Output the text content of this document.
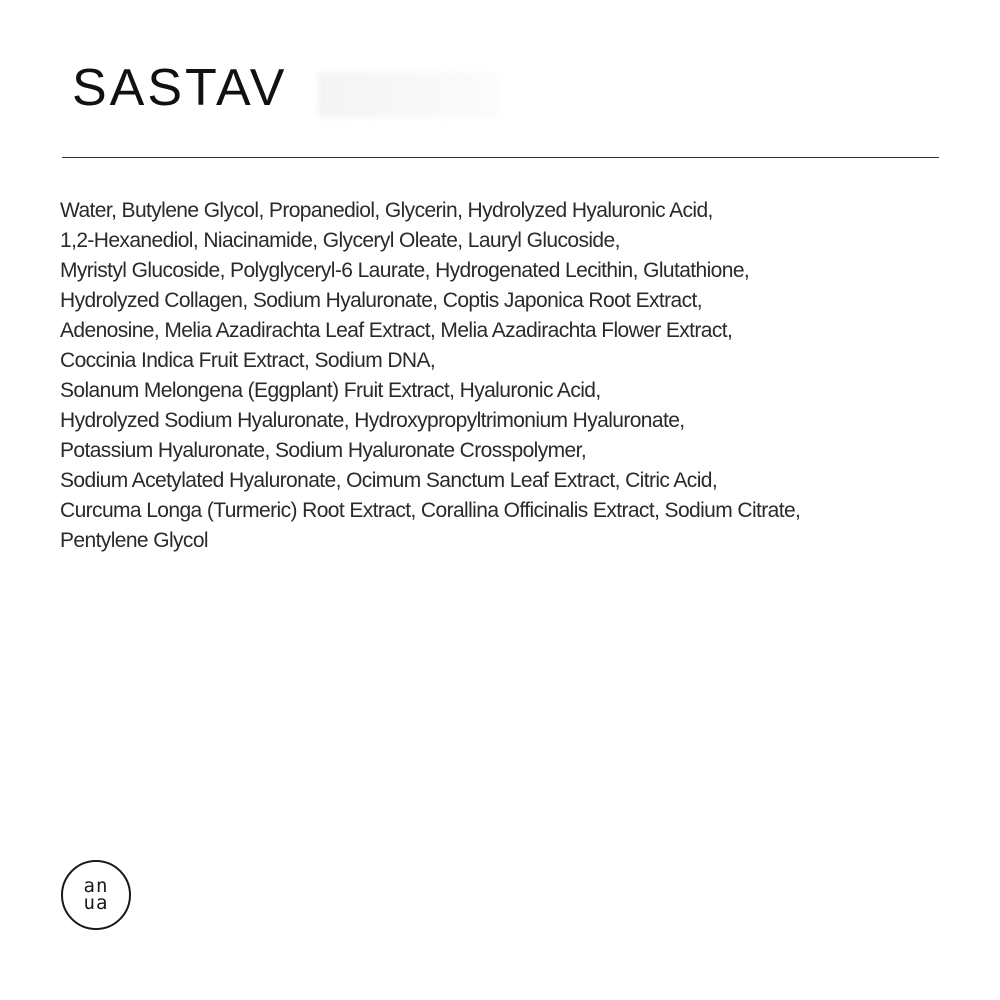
SASTAV
Water, Butylene Glycol, Propanediol, Glycerin, Hydrolyzed Hyaluronic Acid,
1,2-Hexanediol, Niacinamide, Glyceryl Oleate, Lauryl Glucoside,
Myristyl Glucoside, Polyglyceryl-6 Laurate, Hydrogenated Lecithin, Glutathione,
Hydrolyzed Collagen, Sodium Hyaluronate, Coptis Japonica Root Extract,
Adenosine, Melia Azadirachta Leaf Extract, Melia Azadirachta Flower Extract,
Coccinia Indica Fruit Extract, Sodium DNA,
Solanum Melongena (Eggplant) Fruit Extract, Hyaluronic Acid,
Hydrolyzed Sodium Hyaluronate, Hydroxypropyltrimonium Hyaluronate,
Potassium Hyaluronate, Sodium Hyaluronate Crosspolymer,
Sodium Acetylated Hyaluronate, Ocimum Sanctum Leaf Extract, Citric Acid,
Curcuma Longa (Turmeric) Root Extract, Corallina Officinalis Extract, Sodium Citrate,
Pentylene Glycol
an
ua
